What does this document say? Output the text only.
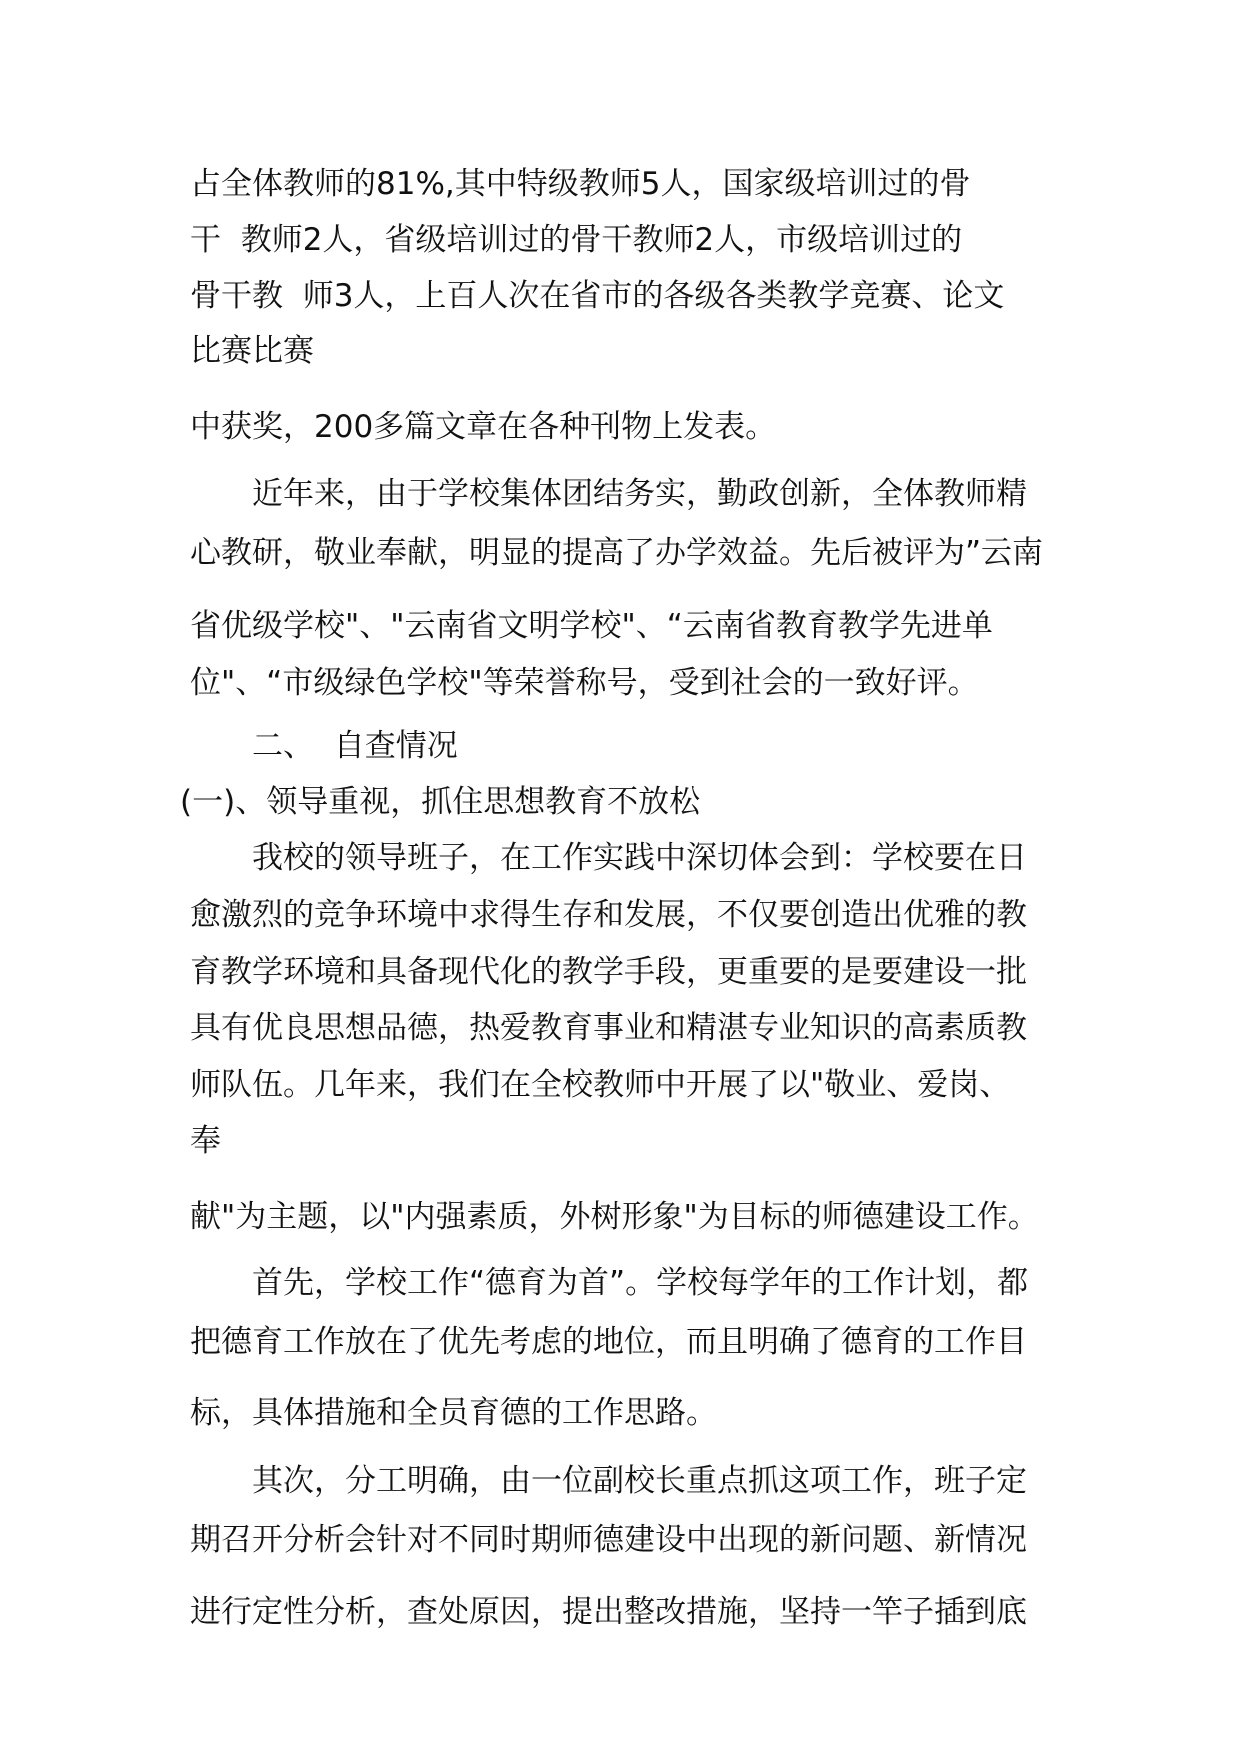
占全体教师的81%,其中特级教师5人，国家级培训过的骨
干  教师2人，省级培训过的骨干教师2人，市级培训过的
骨干教  师3人，上百人次在省市的各级各类教学竞赛、论文
比赛比赛
中获奖，200多篇文章在各种刊物上发表。
近年来，由于学校集体团结务实，勤政创新，全体教师精
心教研，敬业奉献，明显的提高了办学效益。先后被评为”云南
省优级学校"、"云南省文明学校"、“云南省教育教学先进单
位"、“市级绿色学校"等荣誉称号，受到社会的一致好评。
二、  自查情况
(一)、领导重视，抓住思想教育不放松
我校的领导班子，在工作实践中深切体会到：学校要在日
愈激烈的竞争环境中求得生存和发展，不仅要创造出优雅的教
育教学环境和具备现代化的教学手段，更重要的是要建设一批
具有优良思想品德，热爱教育事业和精湛专业知识的高素质教
师队伍。几年来，我们在全校教师中开展了以"敬业、爱岗、
奉
献"为主题，以"内强素质，外树形象"为目标的师德建设工作。
首先，学校工作“德育为首”。学校每学年的工作计划，都
把德育工作放在了优先考虑的地位，而且明确了德育的工作目
标，具体措施和全员育德的工作思路。
其次，分工明确，由一位副校长重点抓这项工作，班子定
期召开分析会针对不同时期师德建设中出现的新问题、新情况
进行定性分析，查处原因，提出整改措施，坚持一竿子插到底
